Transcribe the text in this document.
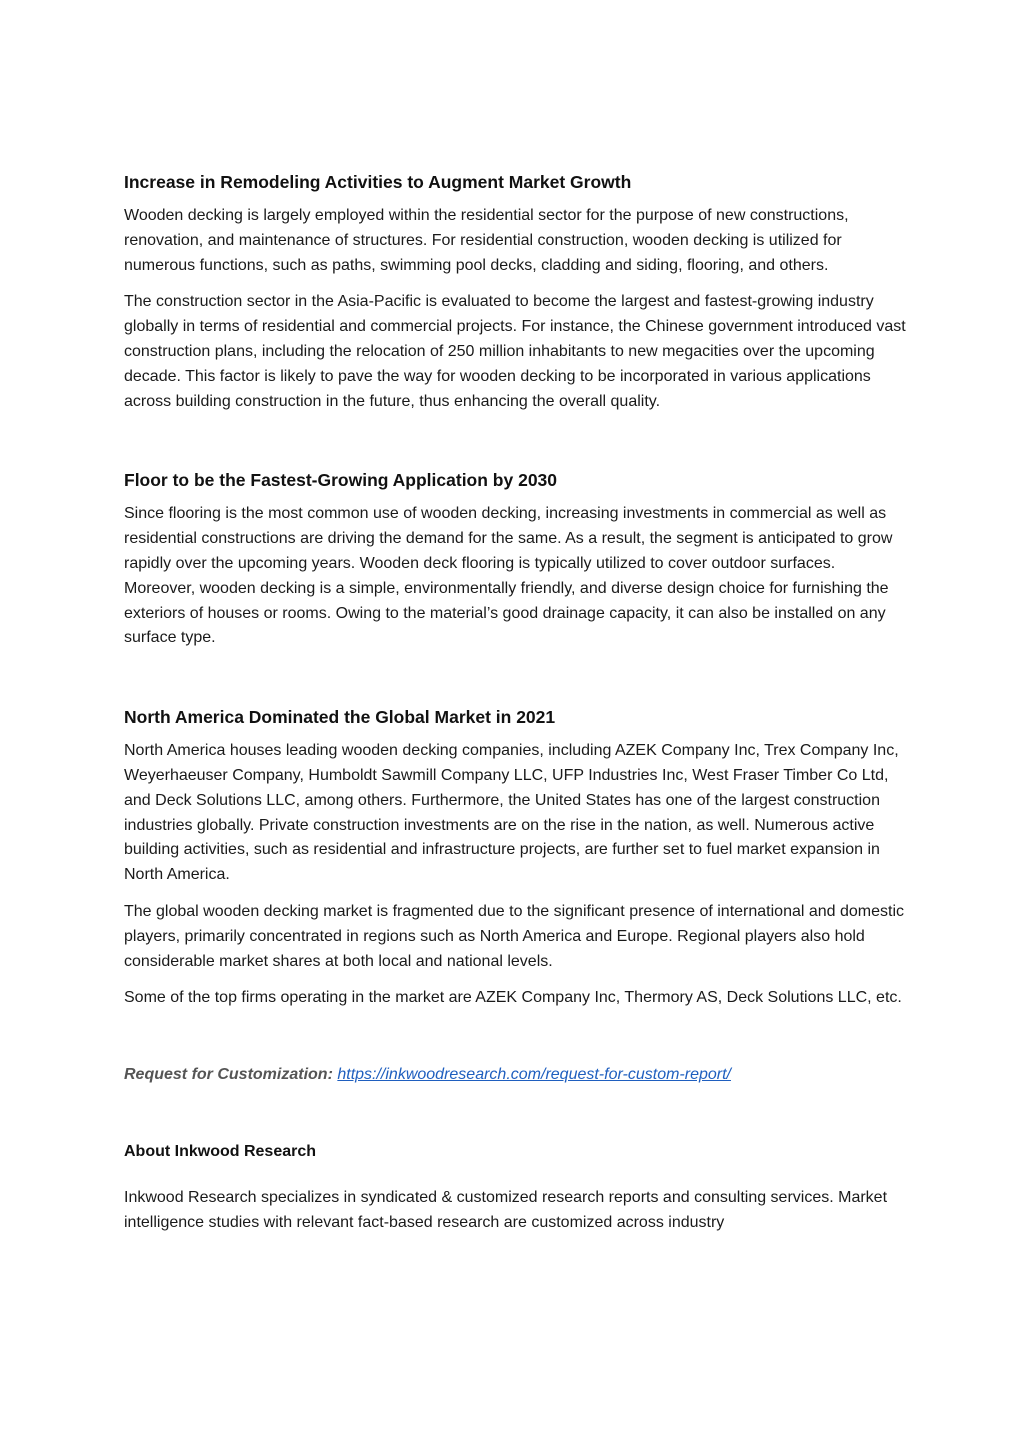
Increase in Remodeling Activities to Augment Market Growth

Wooden decking is largely employed within the residential sector for the purpose of new constructions, renovation, and maintenance of structures. For residential construction, wooden decking is utilized for numerous functions, such as paths, swimming pool decks, cladding and siding, flooring, and others.

The construction sector in the Asia-Pacific is evaluated to become the largest and fastest-growing industry globally in terms of residential and commercial projects. For instance, the Chinese government introduced vast construction plans, including the relocation of 250 million inhabitants to new megacities over the upcoming decade. This factor is likely to pave the way for wooden decking to be incorporated in various applications across building construction in the future, thus enhancing the overall quality.

Floor to be the Fastest-Growing Application by 2030

Since flooring is the most common use of wooden decking, increasing investments in commercial as well as residential constructions are driving the demand for the same. As a result, the segment is anticipated to grow rapidly over the upcoming years. Wooden deck flooring is typically utilized to cover outdoor surfaces. Moreover, wooden decking is a simple, environmentally friendly, and diverse design choice for furnishing the exteriors of houses or rooms. Owing to the material’s good drainage capacity, it can also be installed on any surface type.

North America Dominated the Global Market in 2021

North America houses leading wooden decking companies, including AZEK Company Inc, Trex Company Inc, Weyerhaeuser Company, Humboldt Sawmill Company LLC, UFP Industries Inc, West Fraser Timber Co Ltd, and Deck Solutions LLC, among others. Furthermore, the United States has one of the largest construction industries globally. Private construction investments are on the rise in the nation, as well. Numerous active building activities, such as residential and infrastructure projects, are further set to fuel market expansion in North America.

The global wooden decking market is fragmented due to the significant presence of international and domestic players, primarily concentrated in regions such as North America and Europe. Regional players also hold considerable market shares at both local and national levels.

Some of the top firms operating in the market are AZEK Company Inc, Thermory AS, Deck Solutions LLC, etc.

Request for Customization: https://inkwoodresearch.com/request-for-custom-report/

About Inkwood Research

Inkwood Research specializes in syndicated & customized research reports and consulting services. Market intelligence studies with relevant fact-based research are customized across industry
